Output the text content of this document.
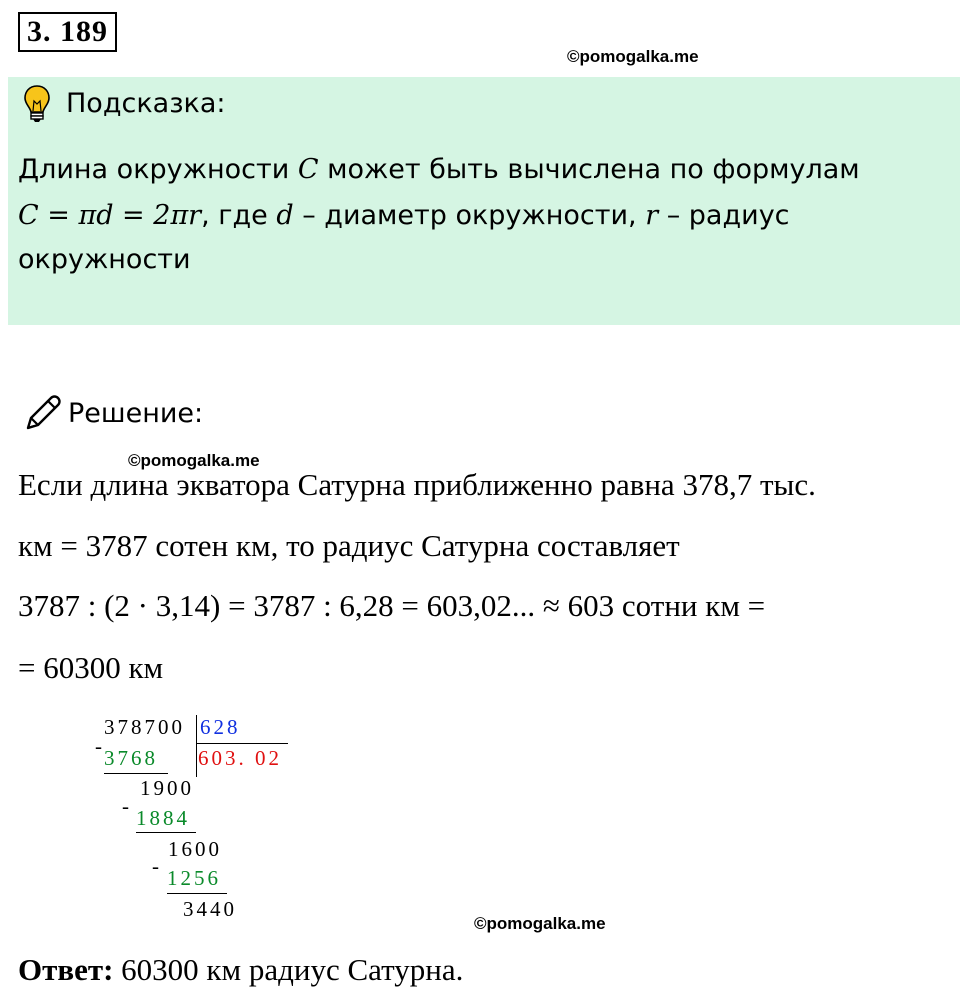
3. 189
©pomogalka.me
Подсказка:
Длина окружности C может быть вычислена по формулам
C = πd = 2πr, где d – диаметр окружности, r – радиус
окружности
Решение:
©pomogalka.me
Если длина экватора Сатурна приближенно равна 378,7 тыс.
км = 3787 сотен км, то радиус Сатурна составляет
3787 : (2 · 3,14) = 3787 : 6,28 = 603,02... ≈ 603 сотни км =
= 60300 км
378700 628
603. 02
- 3768
1900
- 1884
1600
- 1256
3440
©pomogalka.me
Ответ: 60300 км радиус Сатурна.
